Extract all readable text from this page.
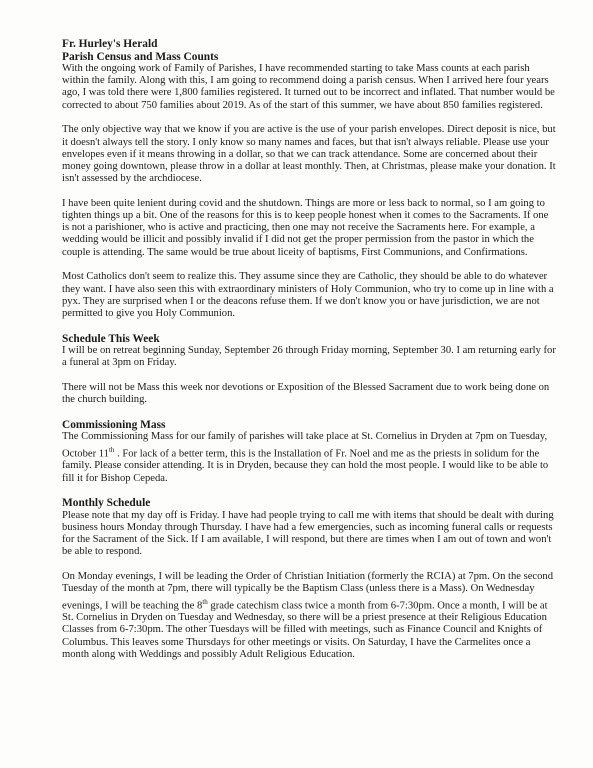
Fr. Hurley's Herald
Parish Census and Mass Counts

With the ongoing work of Family of Parishes, I have recommended starting to take Mass counts at each parish within the family. Along with this, I am going to recommend doing a parish census. When I arrived here four years ago, I was told there were 1,800 families registered. It turned out to be incorrect and inflated. That number would be corrected to about 750 families about 2019. As of the start of this summer, we have about 850 families registered.

The only objective way that we know if you are active is the use of your parish envelopes. Direct deposit is nice, but it doesn't always tell the story. I only know so many names and faces, but that isn't always reliable. Please use your envelopes even if it means throwing in a dollar, so that we can track attendance. Some are concerned about their money going downtown, please throw in a dollar at least monthly. Then, at Christmas, please make your donation. It isn't assessed by the archdiocese.

I have been quite lenient during covid and the shutdown. Things are more or less back to normal, so I am going to tighten things up a bit. One of the reasons for this is to keep people honest when it comes to the Sacraments. If one is not a parishioner, who is active and practicing, then one may not receive the Sacraments here. For example, a wedding would be illicit and possibly invalid if I did not get the proper permission from the pastor in which the couple is attending. The same would be true about liceity of baptisms, First Communions, and Confirmations.

Most Catholics don't seem to realize this. They assume since they are Catholic, they should be able to do whatever they want. I have also seen this with extraordinary ministers of Holy Communion, who try to come up in line with a pyx. They are surprised when I or the deacons refuse them. If we don't know you or have jurisdiction, we are not permitted to give you Holy Communion.

Schedule This Week

I will be on retreat beginning Sunday, September 26 through Friday morning, September 30. I am returning early for a funeral at 3pm on Friday.

There will not be Mass this week nor devotions or Exposition of the Blessed Sacrament due to work being done on the church building.

Commissioning Mass

The Commissioning Mass for our family of parishes will take place at St. Cornelius in Dryden at 7pm on Tuesday, October 11th . For lack of a better term, this is the Installation of Fr. Noel and me as the priests in solidum for the family. Please consider attending. It is in Dryden, because they can hold the most people. I would like to be able to fill it for Bishop Cepeda.

Monthly Schedule

Please note that my day off is Friday. I have had people trying to call me with items that should be dealt with during business hours Monday through Thursday. I have had a few emergencies, such as incoming funeral calls or requests for the Sacrament of the Sick. If I am available, I will respond, but there are times when I am out of town and won't be able to respond.

On Monday evenings, I will be leading the Order of Christian Initiation (formerly the RCIA) at 7pm. On the second Tuesday of the month at 7pm, there will typically be the Baptism Class (unless there is a Mass). On Wednesday evenings, I will be teaching the 8th grade catechism class twice a month from 6-7:30pm. Once a month, I will be at St. Cornelius in Dryden on Tuesday and Wednesday, so there will be a priest presence at their Religious Education Classes from 6-7:30pm. The other Tuesdays will be filled with meetings, such as Finance Council and Knights of Columbus. This leaves some Thursdays for other meetings or visits. On Saturday, I have the Carmelites once a month along with Weddings and possibly Adult Religious Education.
